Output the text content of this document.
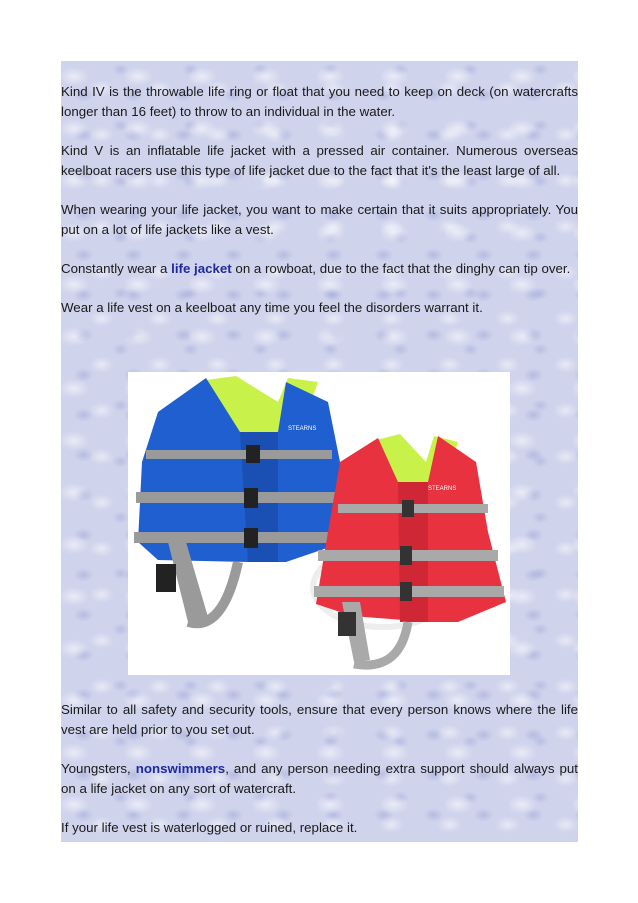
Kind IV is the throwable life ring or float that you need to keep on deck (on watercrafts longer than 16 feet) to throw to an individual in the water.

Kind V is an inflatable life jacket with a pressed air container. Numerous overseas keelboat racers use this type of life jacket due to the fact that it's the least large of all.

When wearing your life jacket, you want to make certain that it suits appropriately. You put on a lot of life jackets like a vest.

Constantly wear a life jacket on a rowboat, due to the fact that the dinghy can tip over.

Wear a life vest on a keelboat any time you feel the disorders warrant it.

STEARNS
STEARNS

Similar to all safety and security tools, ensure that every person knows where the life vest are held prior to you set out.

Youngsters, nonswimmers, and any person needing extra support should always put on a life jacket on any sort of watercraft.

If your life vest is waterlogged or ruined, replace it.
